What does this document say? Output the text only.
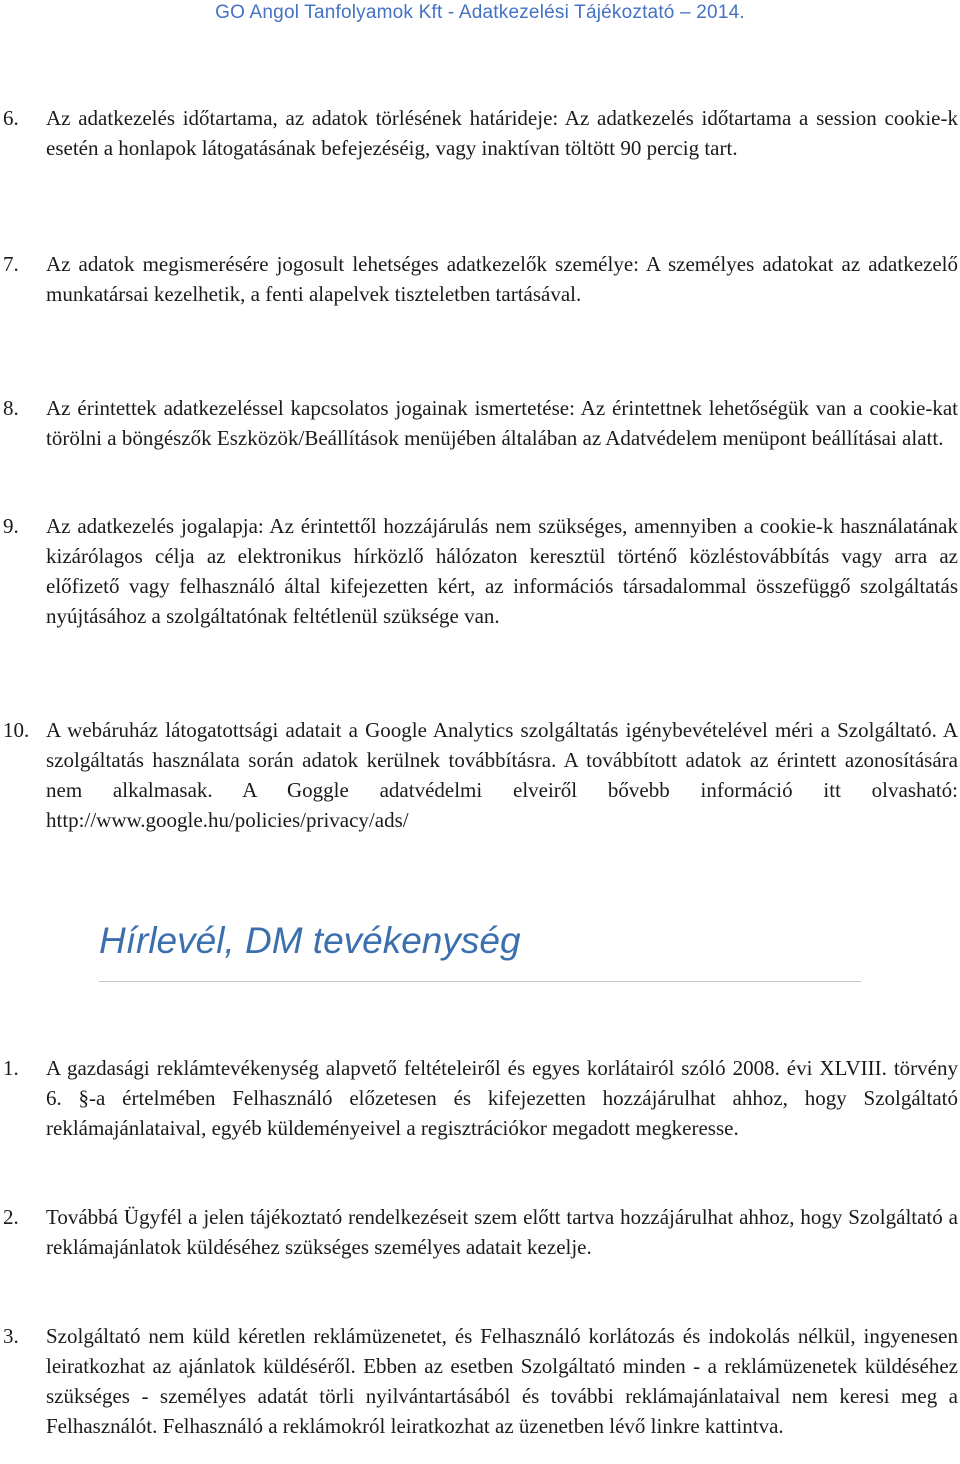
GO Angol Tanfolyamok Kft - Adatkezelési Tájékoztató – 2014.
6. Az adatkezelés időtartama, az adatok törlésének határideje: Az adatkezelés időtartama a session cookie-k esetén a honlapok látogatásának befejezéséig, vagy inaktívan töltött 90 percig tart.
7. Az adatok megismerésére jogosult lehetséges adatkezelők személye: A személyes adatokat az adatkezelő munkatársai kezelhetik, a fenti alapelvek tiszteletben tartásával.
8. Az érintettek adatkezeléssel kapcsolatos jogainak ismertetése: Az érintettnek lehetőségük van a cookie-kat törölni a böngészők Eszközök/Beállítások menüjében általában az Adatvédelem menüpont beállításai alatt.
9. Az adatkezelés jogalapja: Az érintettől hozzájárulás nem szükséges, amennyiben a cookie-k használatának kizárólagos célja az elektronikus hírközlő hálózaton keresztül történő közléstovábbítás vagy arra az előfizető vagy felhasználó által kifejezetten kért, az információs társadalommal összefüggő szolgáltatás nyújtásához a szolgáltatónak feltétlenül szüksége van.
10. A webáruház látogatottsági adatait a Google Analytics szolgáltatás igénybevételével méri a Szolgáltató. A szolgáltatás használata során adatok kerülnek továbbításra. A továbbított adatok az érintett azonosítására nem alkalmasak. A Goggle adatvédelmi elveiről bővebb információ itt olvasható:
http://www.google.hu/policies/privacy/ads/
Hírlevél, DM tevékenység
1. A gazdasági reklámtevékenység alapvető feltételeiről és egyes korlátairól szóló 2008. évi XLVIII. törvény 6. §-a értelmében Felhasználó előzetesen és kifejezetten hozzájárulhat ahhoz, hogy Szolgáltató reklámajánlataival, egyéb küldeményeivel a regisztrációkor megadott megkeresse.
2. Továbbá Ügyfél a jelen tájékoztató rendelkezéseit szem előtt tartva hozzájárulhat ahhoz, hogy Szolgáltató a reklámajánlatok küldéséhez szükséges személyes adatait kezelje.
3. Szolgáltató nem küld kéretlen reklámüzenetet, és Felhasználó korlátozás és indokolás nélkül, ingyenesen leiratkozhat az ajánlatok küldéséről. Ebben az esetben Szolgáltató minden - a reklámüzenetek küldéséhez szükséges - személyes adatát törli nyilvántartásából és további reklámajánlataival nem keresi meg a Felhasználót. Felhasználó a reklámokról leiratkozhat az üzenetben lévő linkre kattintva.
